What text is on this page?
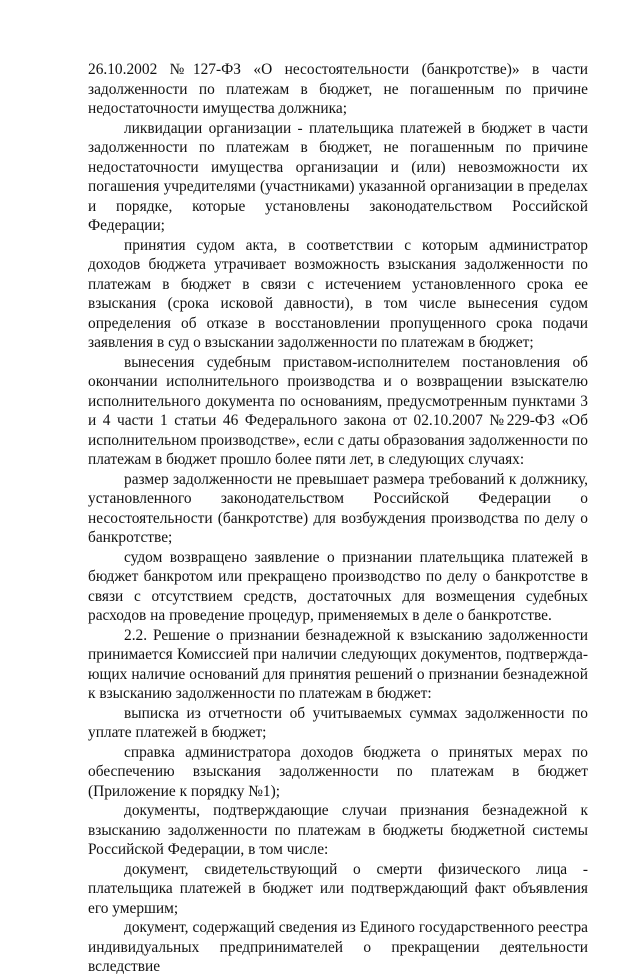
26.10.2002 №127-ФЗ «О несостоятельности (банкротстве)» в части задолженности по платежам в бюджет, не погашенным по причине недостаточности имущества должника;

ликвидации организации - плательщика платежей в бюджет в части задолженности по платежам в бюджет, не погашенным по причине недостаточности имущества организации и (или) невозможности их погашения учредителями (участниками) указанной организации в пределах и порядке, которые установлены законодательством Российской Федерации;

принятия судом акта, в соответствии с которым администратор доходов бюджета утрачивает возможность взыскания задолженности по платежам в бюджет в связи с истечением установленного срока ее взыскания (срока исковой давности), в том числе вынесения судом определения об отказе в восстановлении пропущенного срока подачи заявления в суд о взыскании задолженности по платежам в бюджет;

вынесения судебным приставом-исполнителем постановления об окончании исполнительного производства и о возвращении взыскателю исполнительного документа по основаниям, предусмотренным пунктами 3 и 4 части 1 статьи 46 Федерального закона от 02.10.2007 №229-ФЗ «Об исполнительном производстве», если с даты образования задолженности по платежам в бюджет прошло более пяти лет, в следующих случаях:

размер задолженности не превышает размера требований к должнику, установленного законодательством Российской Федерации о несостоятельности (банкротстве) для возбуждения производства по делу о банкротстве;

судом возвращено заявление о признании плательщика платежей в бюджет банкротом или прекращено производство по делу о банкротстве в связи с отсутствием средств, достаточных для возмещения судебных расходов на проведение процедур, применяемых в деле о банкротстве.

2.2. Решение о признании безнадежной к взысканию задолженности принимается Комиссией при наличии следующих документов, подтвержда-ющих наличие оснований для принятия решений о признании безнадежной к взысканию задолженности по платежам в бюджет:

выписка из отчетности об учитываемых суммах задолженности по уплате платежей в бюджет;

справка администратора доходов бюджета о принятых мерах по обеспечению взыскания задолженности по платежам в бюджет (Приложение к порядку №1);

документы, подтверждающие случаи признания безнадежной к взысканию задолженности по платежам в бюджеты бюджетной системы Российской Федерации, в том числе:

документ, свидетельствующий о смерти физического лица - плательщика платежей в бюджет или подтверждающий факт объявления его умершим;

документ, содержащий сведения из Единого государственного реестра индивидуальных предпринимателей о прекращении деятельности вследствие
